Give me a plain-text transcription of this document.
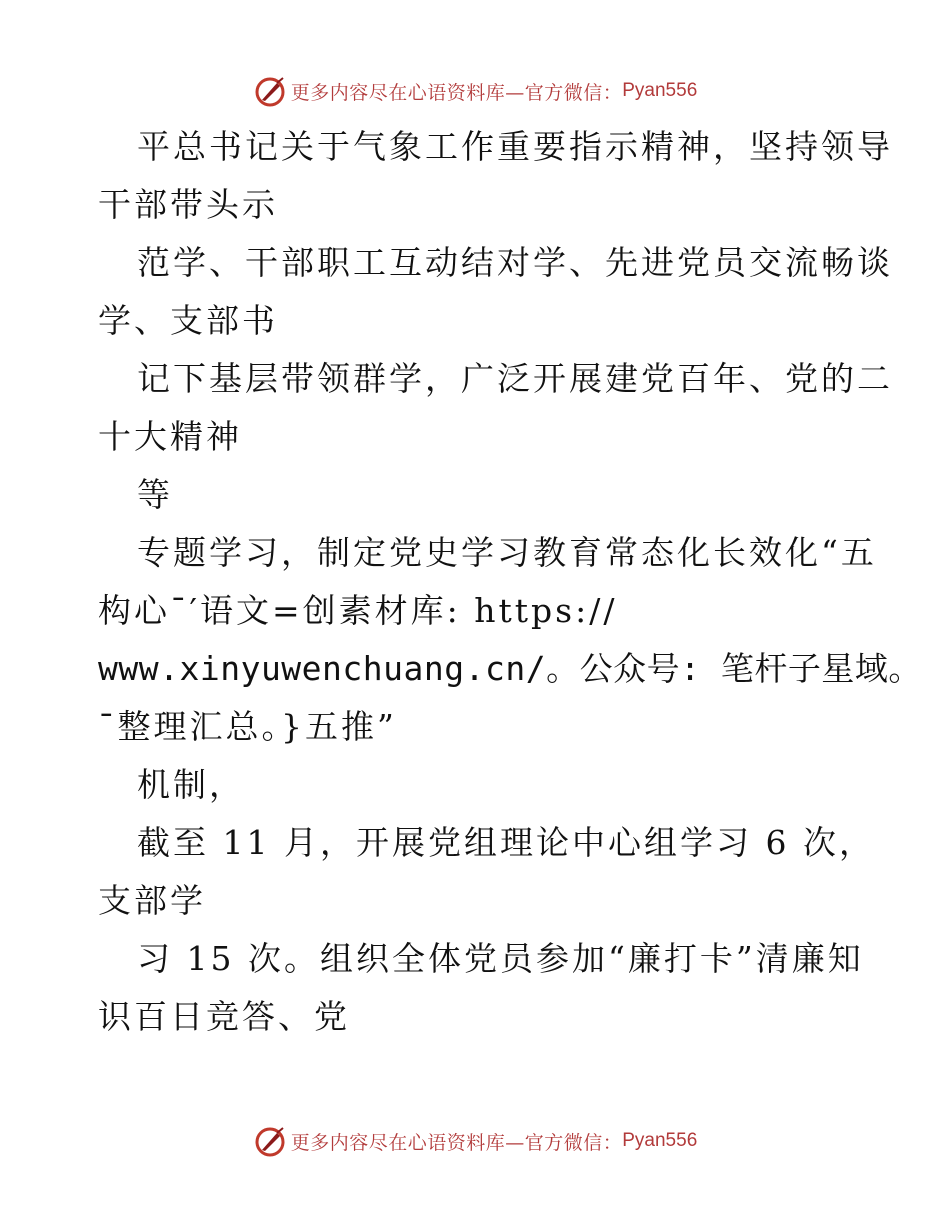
更多内容尽在心语资料库—官方微信： Pyan556
平总书记关于气象工作重要指示精神，坚持领导
干部带头示
范学、干部职工互动结对学、先进党员交流畅谈
学、支部书
记下基层带领群学，广泛开展建党百年、党的二
十大精神
等
专题学习，制定党史学习教育常态化长效化“五
构心¯′语文=创素材库: https://
www.xinyuwenchuang.cn/。公众号: 笔杆子星域。
¯整理汇总。}五推”
机制，
截至 11 月，开展党组理论中心组学习 6 次，
支部学
习 15 次。组织全体党员参加“廉打卡”清廉知
识百日竞答、党
更多内容尽在心语资料库—官方微信： Pyan556
